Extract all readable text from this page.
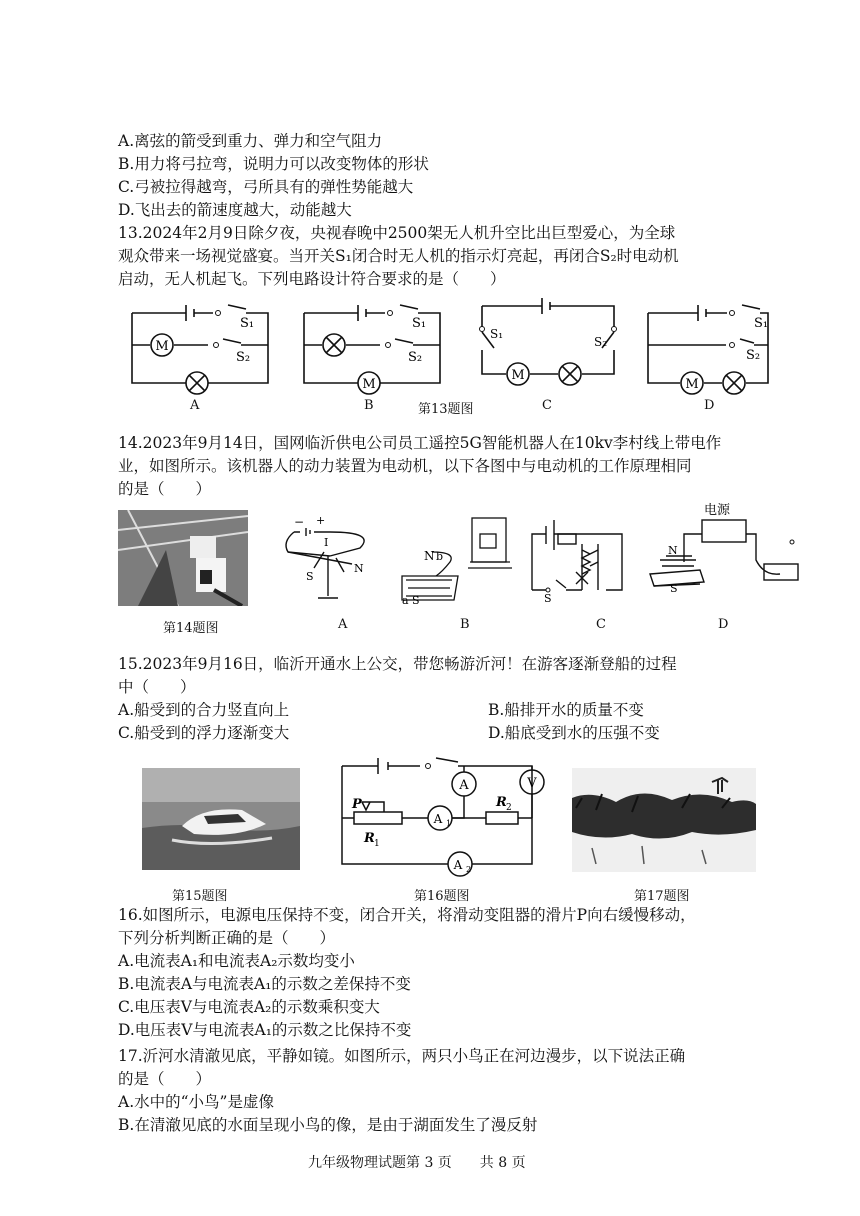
A.离弦的箭受到重力、弹力和空气阻力
B.用力将弓拉弯，说明力可以改变物体的形状
C.弓被拉得越弯，弓所具有的弹性势能越大
D.飞出去的箭速度越大，动能越大
13.2024年2月9日除夕夜，央视春晚中2500架无人机升空比出巨型爱心，为全球
观众带来一场视觉盛宴。当开关S₁闭合时无人机的指示灯亮起，再闭合S₂时电动机
启动，无人机起飞。下列电路设计符合要求的是（　　）
M
S₁
S₂
M
S₁
S₂
M
S₁
S₂
M
S₁
S₂
A	B	第13题图	C	D
14.2023年9月14日，国网临沂供电公司员工遥控5G智能机器人在10kv李村线上带电作
业，如图所示。该机器人的动力装置为电动机，以下各图中与电动机的工作原理相同
的是（　　）
− +
I
S
N
N b
a S	S
电源
N
S
第14题图	A	B	C	D
15.2023年9月16日，临沂开通水上公交，带您畅游沂河！在游客逐渐登船的过程
中（　　）
A.船受到的合力竖直向上	B.船排开水的质量不变
C.船受到的浮力逐渐变大	D.船底受到水的压强不变
P
R 1
R 2
A
A 1
A 2
V
第15题图	第16题图	第17题图
16.如图所示，电源电压保持不变，闭合开关，将滑动变阻器的滑片P向右缓慢移动，
下列分析判断正确的是（　　）
A.电流表A₁和电流表A₂示数均变小
B.电流表A与电流表A₁的示数之差保持不变
C.电压表V与电流表A₂的示数乘积变大
D.电压表V与电流表A₁的示数之比保持不变
17.沂河水清澈见底，平静如镜。如图所示，两只小鸟正在河边漫步，以下说法正确
的是（　　）
A.水中的“小鸟”是虚像
B.在清澈见底的水面呈现小鸟的像，是由于湖面发生了漫反射
九年级物理试题第 3 页　　共 8 页
